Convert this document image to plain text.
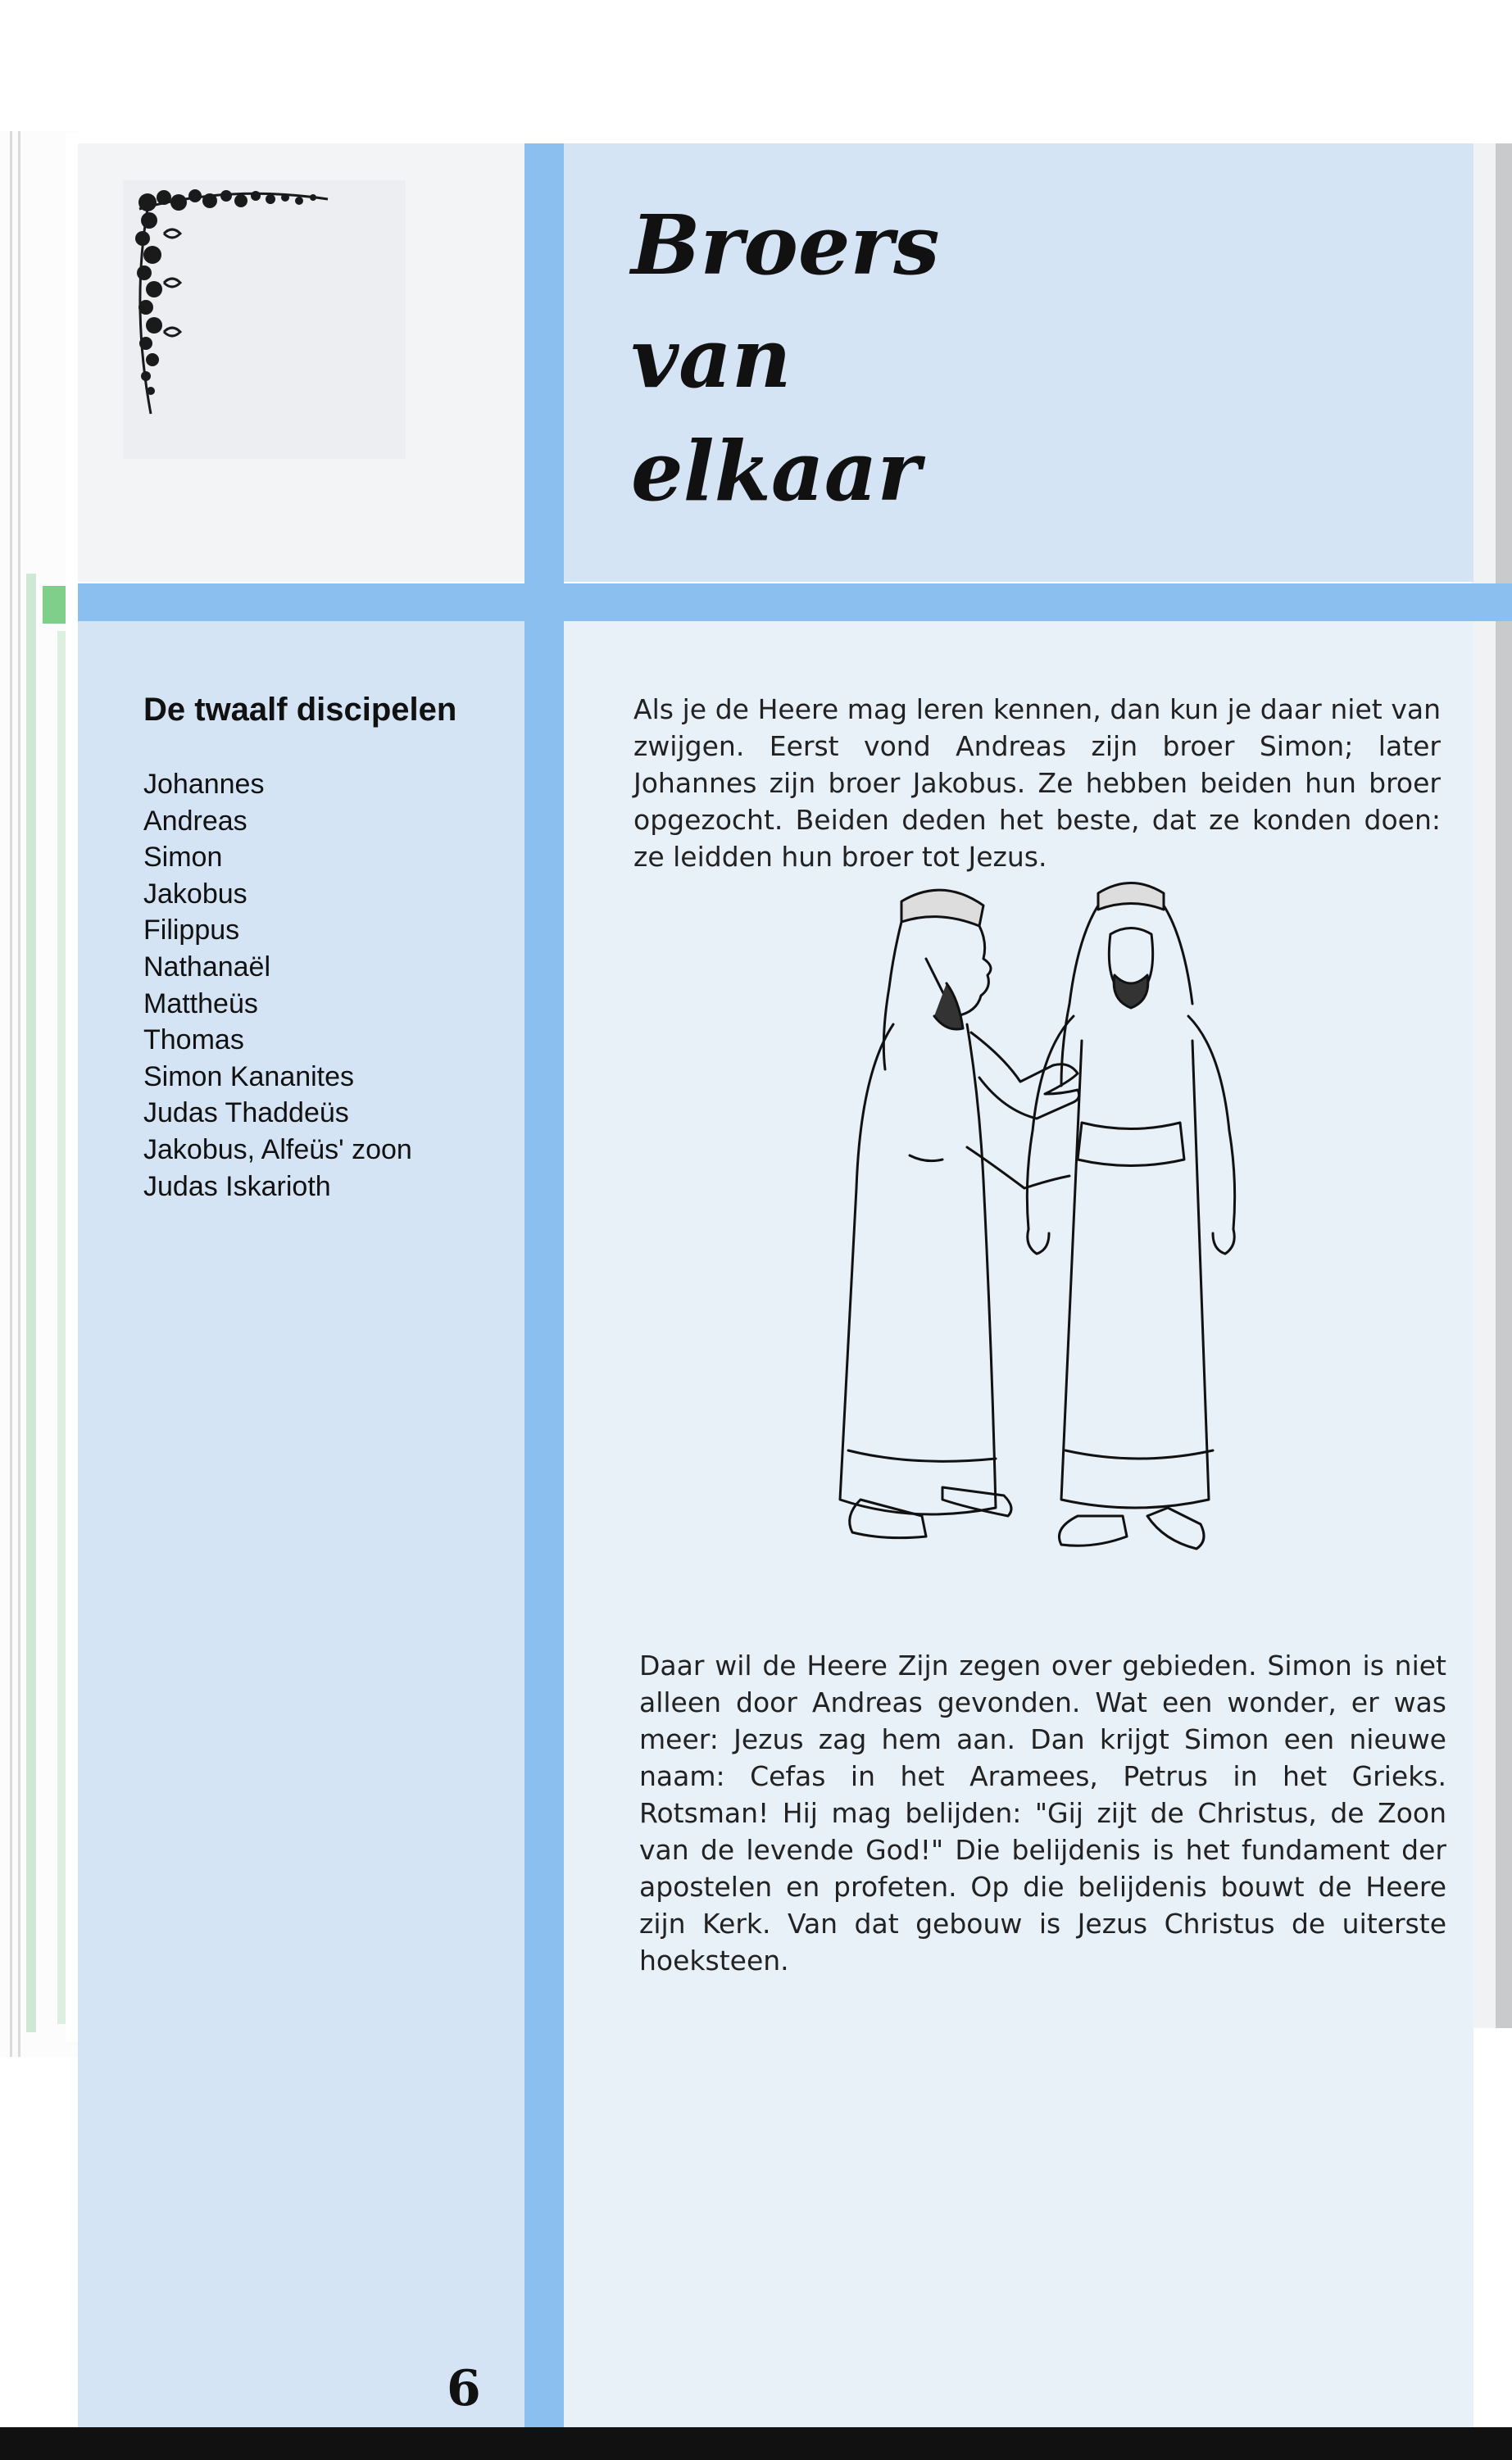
Broers
van
elkaar
De twaalf discipelen
Johannes
Andreas
Simon
Jakobus
Filippus
Nathanaël
Mattheüs
Thomas
Simon Kananites
Judas Thaddeüs
Jakobus, Alfeüs' zoon
Judas Iskarioth
6

Als je de Heere mag leren kennen, dan kun je daar niet van zwijgen. Eerst vond Andreas zijn broer Simon; later Johannes zijn broer Jakobus. Ze hebben beiden hun broer opgezocht. Beiden deden het beste, dat ze konden doen: ze leidden hun broer tot Jezus.

Daar wil de Heere Zijn zegen over gebieden. Simon is niet alleen door Andreas gevonden. Wat een wonder, er was meer: Jezus zag hem aan. Dan krijgt Simon een nieuwe naam: Cefas in het Aramees, Petrus in het Grieks. Rotsman! Hij mag belijden: "Gij zijt de Christus, de Zoon van de levende God!" Die belijdenis is het fundament der apostelen en profeten. Op die belijdenis bouwt de Heere zijn Kerk. Van dat gebouw is Jezus Christus de uiterste hoeksteen.
